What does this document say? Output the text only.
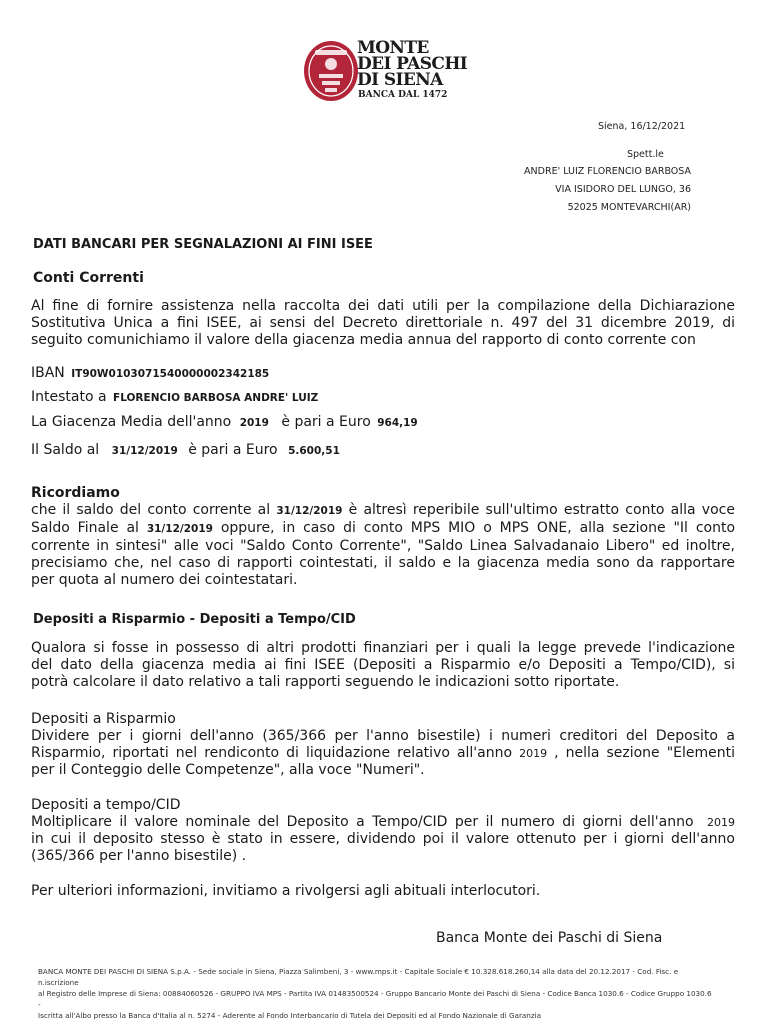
MONTE
DEI PASCHI
DI SIENA
BANCA DAL 1472
Siena, 16/12/2021
Spett.le
ANDRE' LUIZ FLORENCIO BARBOSA
VIA ISIDORO DEL LUNGO, 36
52025 MONTEVARCHI(AR)
DATI BANCARI PER SEGNALAZIONI AI FINI ISEE
Conti Correnti
Al fine di fornire assistenza nella raccolta dei dati utili per la compilazione della Dichiarazione
Sostitutiva Unica a fini ISEE, ai sensi del Decreto direttoriale n. 497 del 31 dicembre 2019, di
seguito comunichiamo il valore della giacenza media annua del rapporto di conto corrente con
IBAN IT90W0103071540000002342185
Intestato a FLORENCIO BARBOSA ANDRE' LUIZ
La Giacenza Media dell'anno 2019 è pari a Euro 964,19
Il Saldo al 31/12/2019 è pari a Euro 5.600,51
Ricordiamo
che il saldo del conto corrente al 31/12/2019 è altresì reperibile sull'ultimo estratto conto alla voce
Saldo Finale al 31/12/2019 oppure, in caso di conto MPS MIO o MPS ONE, alla sezione "Il conto
corrente in sintesi" alle voci "Saldo Conto Corrente", "Saldo Linea Salvadanaio Libero" ed inoltre,
precisiamo che, nel caso di rapporti cointestati, il saldo e la giacenza media sono da rapportare
per quota al numero dei cointestatari.
Depositi a Risparmio - Depositi a Tempo/CID
Qualora si fosse in possesso di altri prodotti finanziari per i quali la legge prevede l'indicazione
del dato della giacenza media ai fini ISEE (Depositi a Risparmio e/o Depositi a Tempo/CID), si
potrà calcolare il dato relativo a tali rapporti seguendo le indicazioni sotto riportate.
Depositi a Risparmio
Dividere per i giorni dell'anno (365/366 per l'anno bisestile) i numeri creditori del Deposito a
Risparmio, riportati nel rendiconto di liquidazione relativo all'anno 2019 , nella sezione "Elementi
per il Conteggio delle Competenze", alla voce "Numeri".
Depositi a tempo/CID
Moltiplicare il valore nominale del Deposito a Tempo/CID per il numero di giorni dell'anno 2019
in cui il deposito stesso è stato in essere, dividendo poi il valore ottenuto per i giorni dell'anno
(365/366 per l'anno bisestile) .
Per ulteriori informazioni, invitiamo a rivolgersi agli abituali interlocutori.
Banca Monte dei Paschi di Siena
BANCA MONTE DEI PASCHI DI SIENA S.p.A. - Sede sociale in Siena, Piazza Salimbeni, 3 - www.mps.it - Capitale Sociale € 10.328.618.260,14 alla data del 20.12.2017 - Cod. Fisc. e n.iscrizione
al Registro delle Imprese di Siena: 00884060526 - GRUPPO IVA MPS - Partita IVA 01483500524 - Gruppo Bancario Monte dei Paschi di Siena - Codice Banca 1030.6 - Codice Gruppo 1030.6 -
Iscritta all'Albo presso la Banca d'Italia al n. 5274 - Aderente al Fondo Interbancario di Tutela dei Depositi ed al Fondo Nazionale di Garanzia
